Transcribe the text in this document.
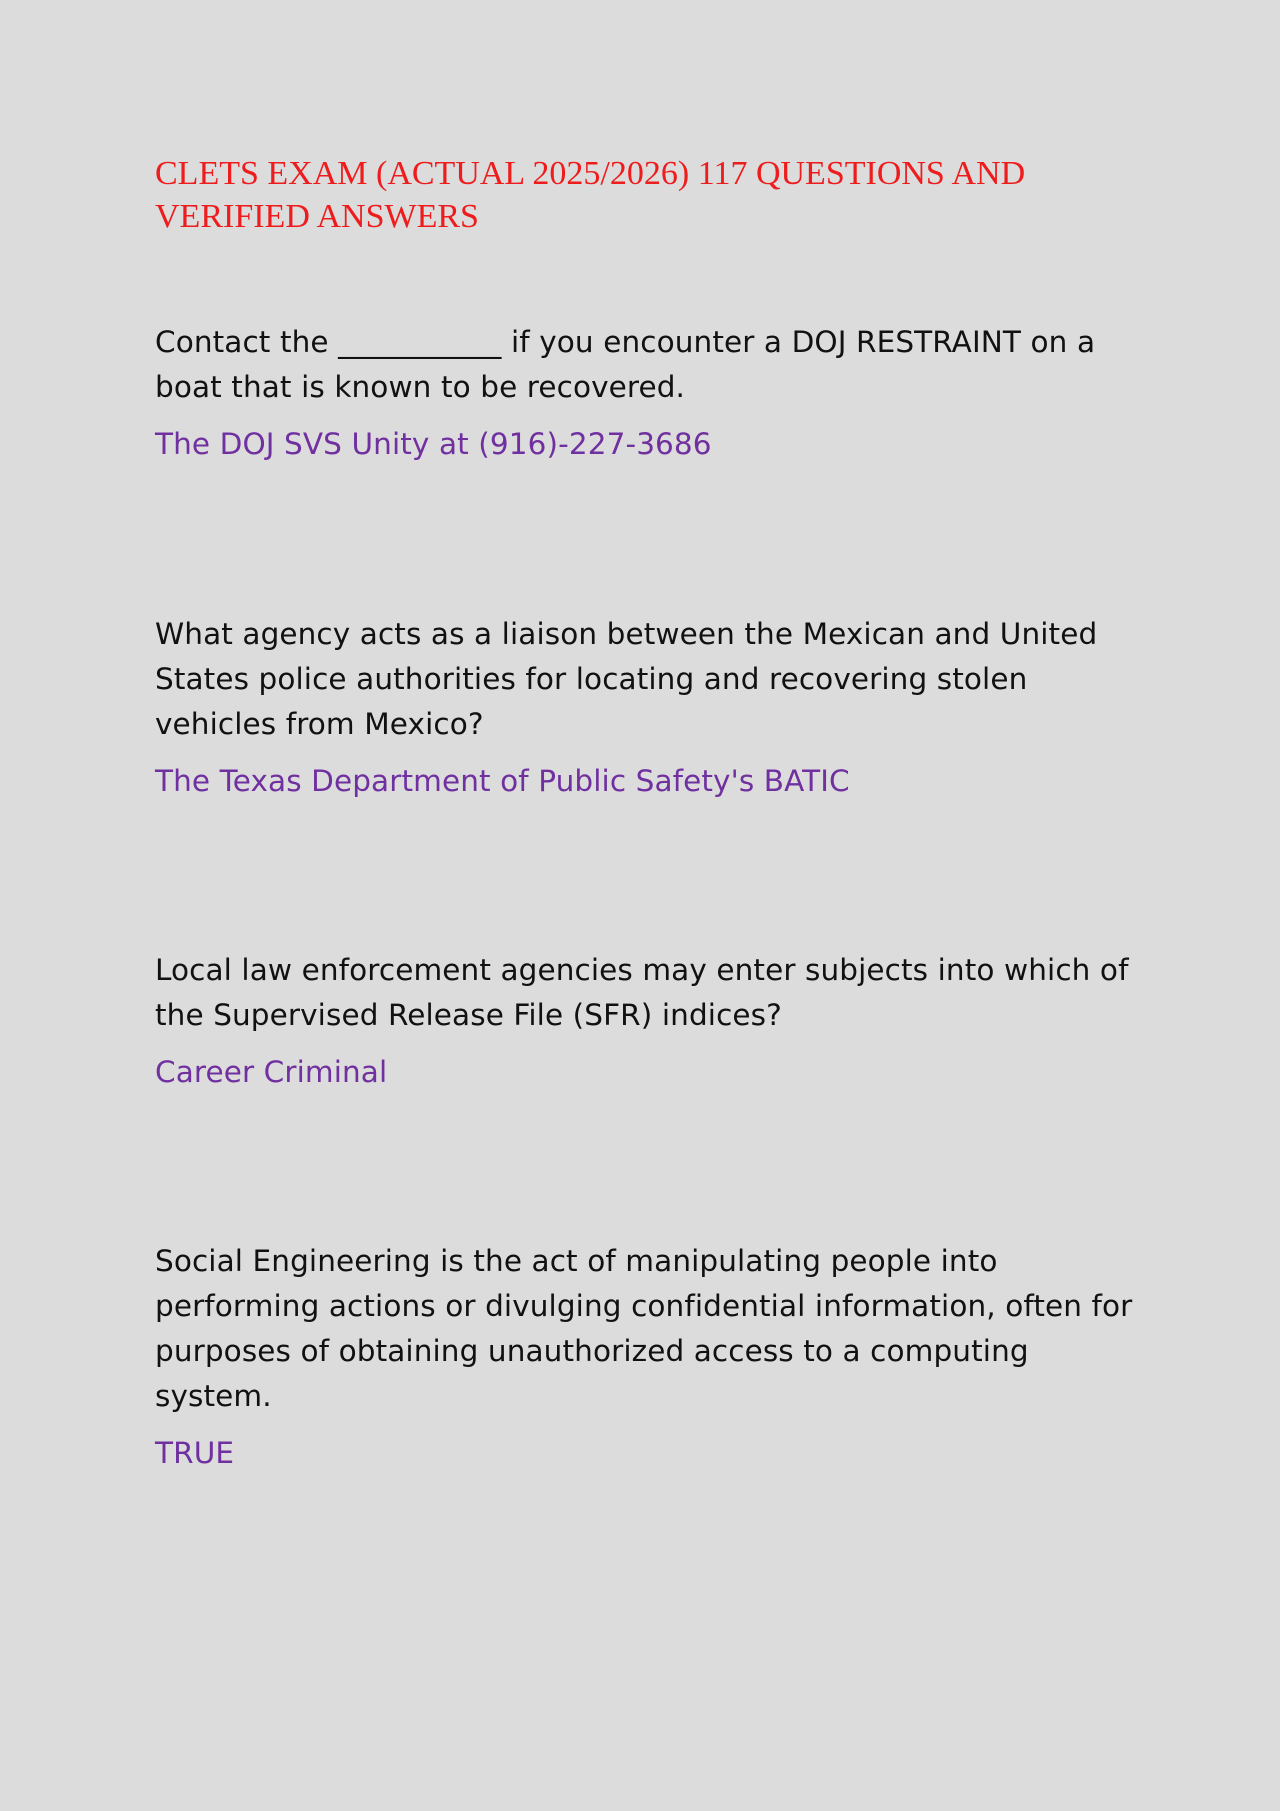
CLETS EXAM (ACTUAL 2025/2026) 117 QUESTIONS AND VERIFIED ANSWERS

Contact the ___________ if you encounter a DOJ RESTRAINT on a boat that is known to be recovered.

The DOJ SVS Unity at (916)-227-3686

What agency acts as a liaison between the Mexican and United States police authorities for locating and recovering stolen vehicles from Mexico?

The Texas Department of Public Safety's BATIC

Local law enforcement agencies may enter subjects into which of the Supervised Release File (SFR) indices?

Career Criminal

Social Engineering is the act of manipulating people into performing actions or divulging confidential information, often for purposes of obtaining unauthorized access to a computing system.

TRUE
